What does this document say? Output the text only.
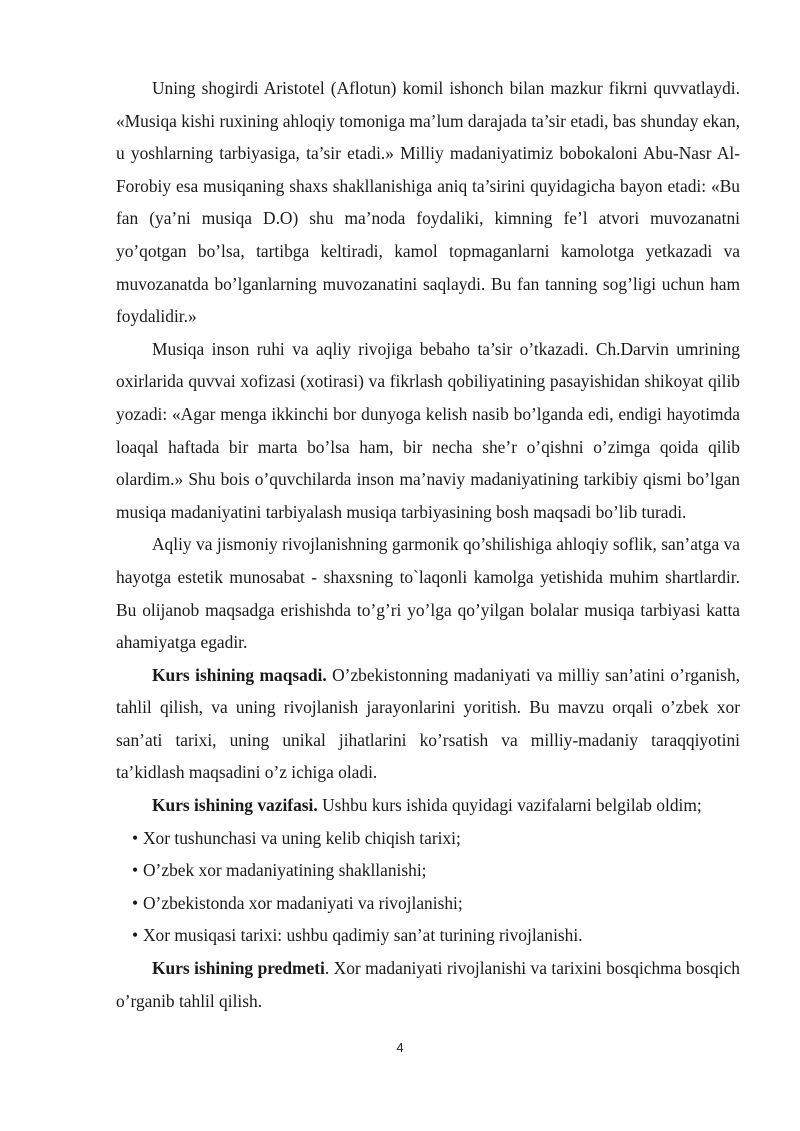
Uning shogirdi Aristotel (Aflotun) komil ishonch bilan mazkur fikrni quvvatlaydi. «Musiqa kishi ruxining ahloqiy tomoniga ma’lum darajada ta’sir etadi, bas shunday ekan, u yoshlarning tarbiyasiga, ta’sir etadi.» Milliy madaniyatimiz bobokaloni Abu-Nasr Al-Forobiy esa musiqaning shaxs shakllanishiga aniq ta’sirini quyidagicha bayon etadi: «Bu fan (ya’ni musiqa D.O) shu ma’noda foydaliki, kimning fe’l atvori muvozanatni yo’qotgan bo’lsa, tartibga keltiradi, kamol topmaganlarni kamolotga yetkazadi va muvozanatda bo’lganlarning muvozanatini saqlaydi. Bu fan tanning sog’ligi uchun ham foydalidir.»

Musiqa inson ruhi va aqliy rivojiga bebaho ta’sir o’tkazadi. Ch.Darvin umrining oxirlarida quvvai xofizasi (xotirasi) va fikrlash qobiliyatining pasayishidan shikoyat qilib yozadi: «Agar menga ikkinchi bor dunyoga kelish nasib bo’lganda edi, endigi hayotimda loaqal haftada bir marta bo’lsa ham, bir necha she’r o’qishni o’zimga qoida qilib olardim.» Shu bois o’quvchilarda inson ma’naviy madaniyatining tarkibiy qismi bo’lgan musiqa madaniyatini tarbiyalash musiqa tarbiyasining bosh maqsadi bo’lib turadi.

Aqliy va jismoniy rivojlanishning garmonik qo’shilishiga ahloqiy soflik, san’atga va hayotga estetik munosabat - shaxsning to`laqonli kamolga yetishida muhim shartlardir. Bu olijanob maqsadga erishishda to’g’ri yo’lga qo’yilgan bolalar musiqa tarbiyasi katta ahamiyatga egadir.

Kurs ishining maqsadi. O’zbekistonning madaniyati va milliy san’atini o’rganish, tahlil qilish, va uning rivojlanish jarayonlarini yoritish. Bu mavzu orqali o’zbek xor san’ati tarixi, uning unikal jihatlarini ko’rsatish va milliy-madaniy taraqqiyotini ta’kidlash maqsadini o’z ichiga oladi.

Kurs ishining vazifasi. Ushbu kurs ishida quyidagi vazifalarni belgilab oldim;

• Xor tushunchasi va uning kelib chiqish tarixi;
• O’zbek xor madaniyatining shakllanishi;
• O’zbekistonda xor madaniyati va rivojlanishi;
• Xor musiqasi tarixi: ushbu qadimiy san’at turining rivojlanishi.

Kurs ishining predmeti. Xor madaniyati rivojlanishi va tarixini bosqichma bosqich o’rganib tahlil qilish.

4
